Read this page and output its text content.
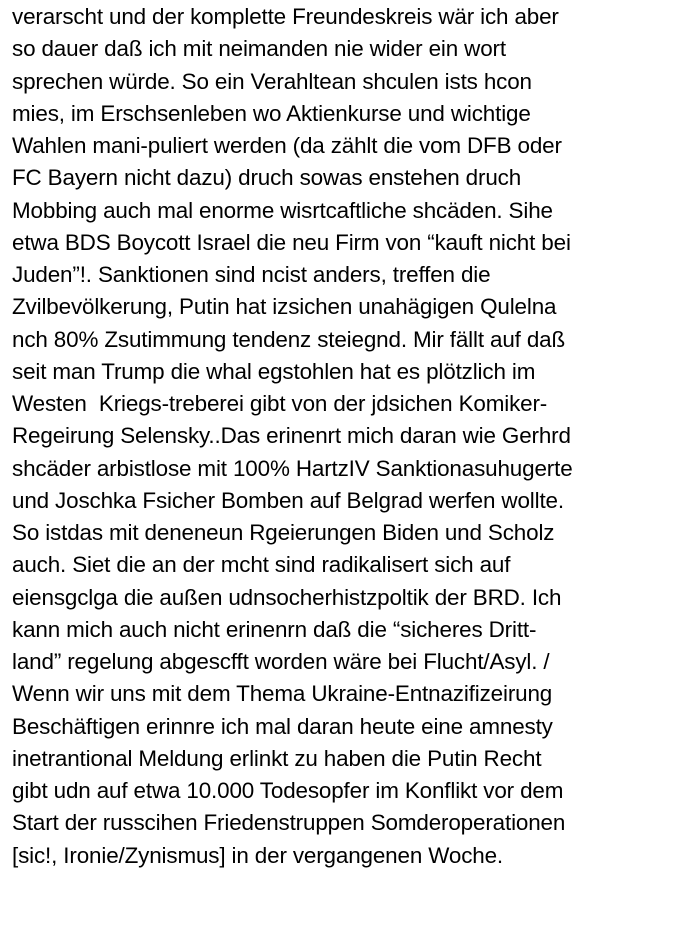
verarscht und der komplette Freundeskreis wär ich aber
so dauer daß ich mit neimanden nie wider ein wort
sprechen würde. So ein Verahltean shculen ists hcon
mies, im Erschsenleben wo Aktienkurse und wichtige
Wahlen mani-puliert werden (da zählt die vom DFB oder
FC Bayern nicht dazu) druch sowas enstehen druch
Mobbing auch mal enorme wisrtcaftliche shcäden. Sihe
etwa BDS Boycott Israel die neu Firm von “kauft nicht bei
Juden”!. Sanktionen sind ncist anders, treffen die
Zvilbevölkerung, Putin hat izsichen unahägigen Qulelna
nch 80% Zsutimmung tendenz steiegnd. Mir fällt auf daß
seit man Trump die whal egstohlen hat es plötzlich im
Westen  Kriegs-treberei gibt von der jdsichen Komiker-
Regeirung Selensky..Das erinenrt mich daran wie Gerhrd
shcäder arbistlose mit 100% HartzIV Sanktionasuhugerte
und Joschka Fsicher Bomben auf Belgrad werfen wollte.
So istdas mit deneneun Rgeierungen Biden und Scholz
auch. Siet die an der mcht sind radikalisert sich auf
eiensgclga die außen udnsocherhistzpoltik der BRD. Ich
kann mich auch nicht erinenrn daß die “sicheres Dritt-
land” regelung abgescfft worden wäre bei Flucht/Asyl. /
Wenn wir uns mit dem Thema Ukraine-Entnazifizeirung
Beschäftigen erinnre ich mal daran heute eine amnesty
inetrantional Meldung erlinkt zu haben die Putin Recht
gibt udn auf etwa 10.000 Todesopfer im Konflikt vor dem
Start der russcihen Friedenstruppen Somderoperationen
[sic!, Ironie/Zynismus] in der vergangenen Woche.
